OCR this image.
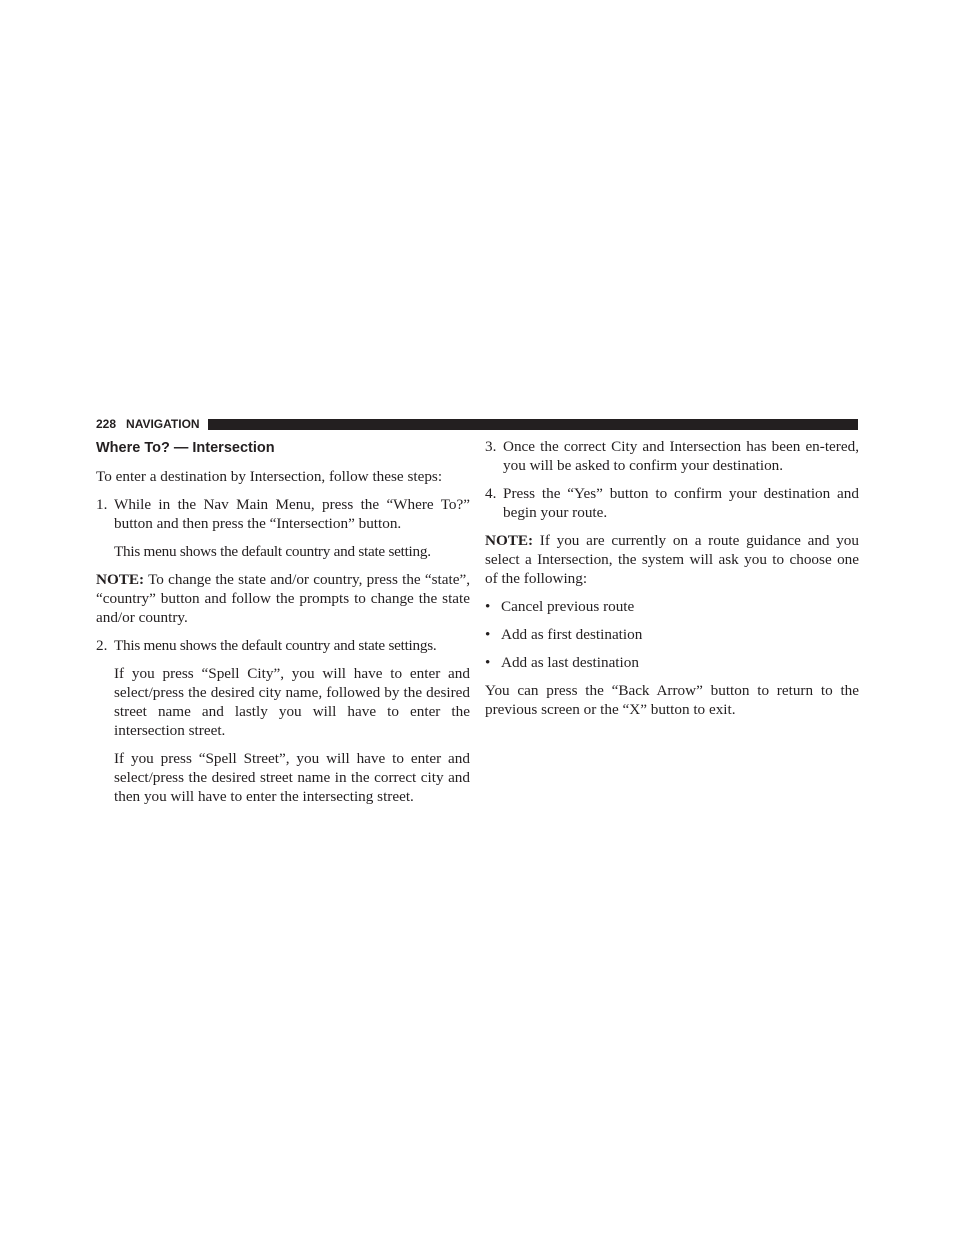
228 NAVIGATION
Where To? — Intersection

To enter a destination by Intersection, follow these steps:

1. While in the Nav Main Menu, press the “Where To?” button and then press the “Intersection” button.

This menu shows the default country and state setting.

NOTE: To change the state and/or country, press the “state”, “country” button and follow the prompts to change the state and/or country.

2. This menu shows the default country and state settings.

If you press “Spell City”, you will have to enter and select/press the desired city name, followed by the desired street name and lastly you will have to enter the intersection street.

If you press “Spell Street”, you will have to enter and select/press the desired street name in the correct city and then you will have to enter the intersecting street.

3. Once the correct City and Intersection has been en-tered, you will be asked to confirm your destination.
4. Press the “Yes” button to confirm your destination and begin your route.

NOTE: If you are currently on a route guidance and you select a Intersection, the system will ask you to choose one of the following:

• Cancel previous route
• Add as first destination
• Add as last destination

You can press the “Back Arrow” button to return to the previous screen or the “X” button to exit.
